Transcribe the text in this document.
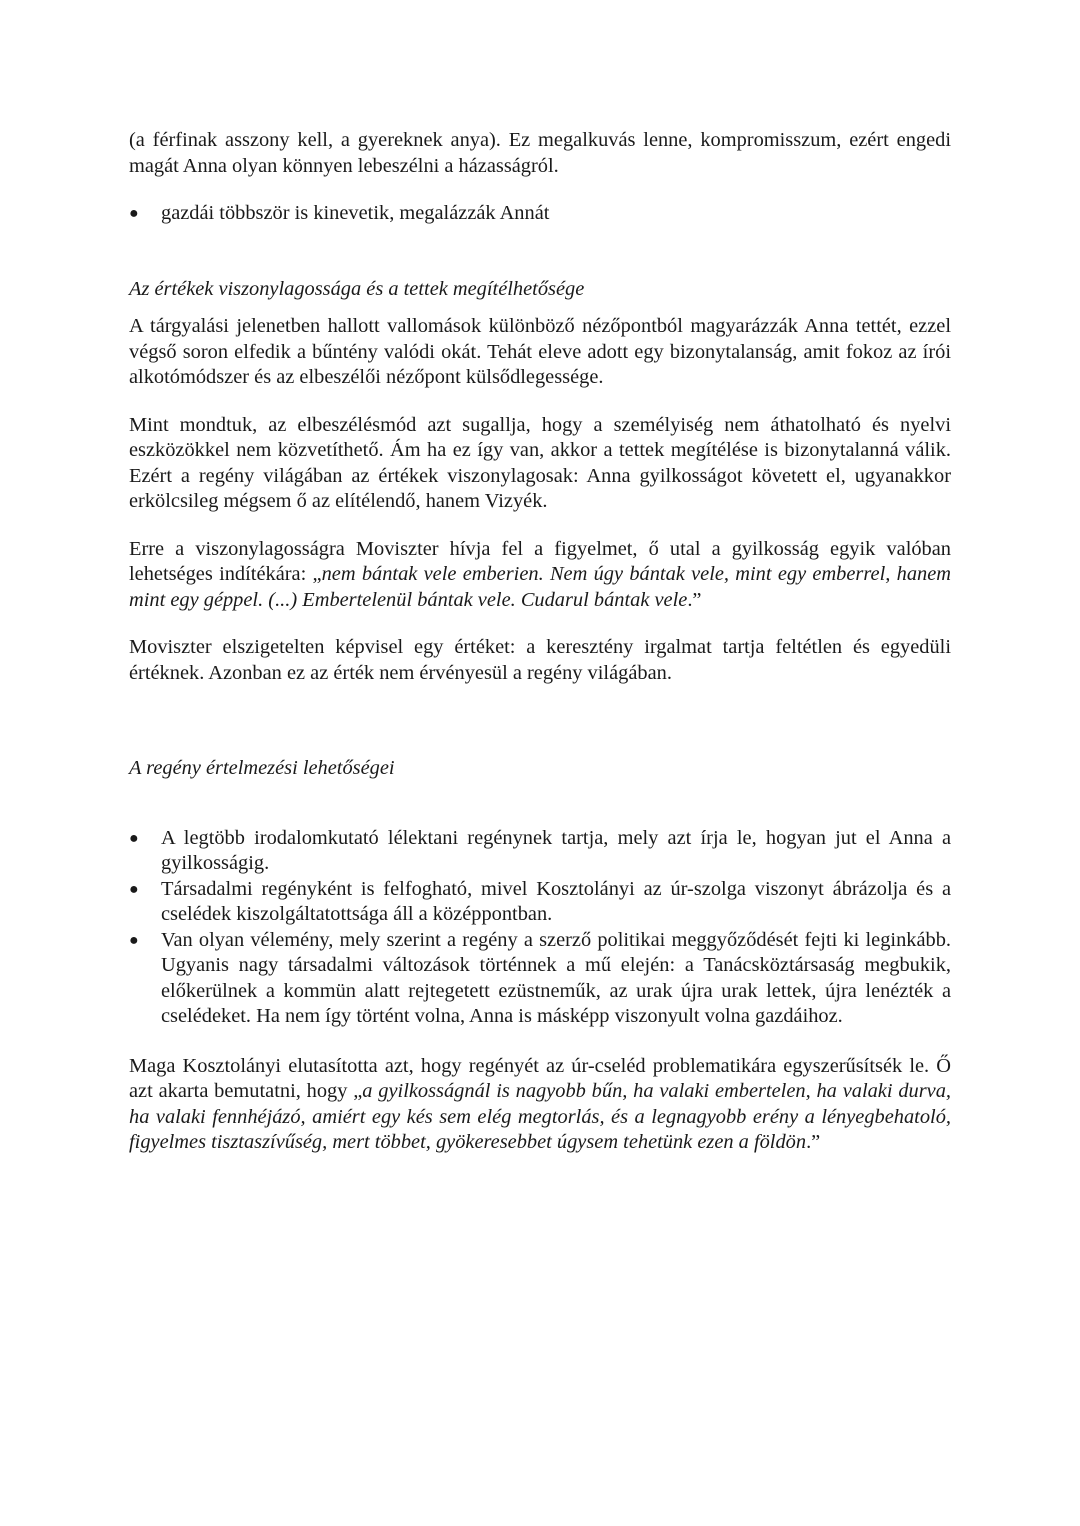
(a férfinak asszony kell, a gyereknek anya). Ez megalkuvás lenne, kompromisszum, ezért engedi magát Anna olyan könnyen lebeszélni a házasságról.

● gazdái többször is kinevetik, megalázzák Annát

Az értékek viszonylagossága és a tettek megítélhetősége

A tárgyalási jelenetben hallott vallomások különböző nézőpontból magyarázzák Anna tettét, ezzel végső soron elfedik a bűntény valódi okát. Tehát eleve adott egy bizonytalanság, amit fokoz az írói alkotómódszer és az elbeszélői nézőpont külsődlegessége.

Mint mondtuk, az elbeszélésmód azt sugallja, hogy a személyiség nem áthatolható és nyelvi eszközökkel nem közvetíthető. Ám ha ez így van, akkor a tettek megítélése is bizonytalanná válik. Ezért a regény világában az értékek viszonylagosak: Anna gyilkosságot követett el, ugyanakkor erkölcsileg mégsem ő az elítélendő, hanem Vizyék.

Erre a viszonylagosságra Moviszter hívja fel a figyelmet, ő utal a gyilkosság egyik valóban lehetséges indítékára: „nem bántak vele emberien. Nem úgy bántak vele, mint egy emberrel, hanem mint egy géppel. (...) Embertelenül bántak vele. Cudarul bántak vele.”

Moviszter elszigetelten képvisel egy értéket: a keresztény irgalmat tartja feltétlen és egyedüli értéknek. Azonban ez az érték nem érvényesül a regény világában.

A regény értelmezési lehetőségei

● A legtöbb irodalomkutató lélektani regénynek tartja, mely azt írja le, hogyan jut el Anna a gyilkosságig.
● Társadalmi regényként is felfogható, mivel Kosztolányi az úr-szolga viszonyt ábrázolja és a cselédek kiszolgáltatottsága áll a középpontban.
● Van olyan vélemény, mely szerint a regény a szerző politikai meggyőződését fejti ki leginkább. Ugyanis nagy társadalmi változások történnek a mű elején: a Tanácsköztársaság megbukik, előkerülnek a kommün alatt rejtegetett ezüstneműk, az urak újra urak lettek, újra lenézték a cselédeket. Ha nem így történt volna, Anna is másképp viszonyult volna gazdáihoz.

Maga Kosztolányi elutasította azt, hogy regényét az úr-cseléd problematikára egyszerűsítsék le. Ő azt akarta bemutatni, hogy „a gyilkosságnál is nagyobb bűn, ha valaki embertelen, ha valaki durva, ha valaki fennhéjázó, amiért egy kés sem elég megtorlás, és a legnagyobb erény a lényegbehatoló, figyelmes tisztaszívűség, mert többet, gyökeresebbet úgysem tehetünk ezen a földön.”
